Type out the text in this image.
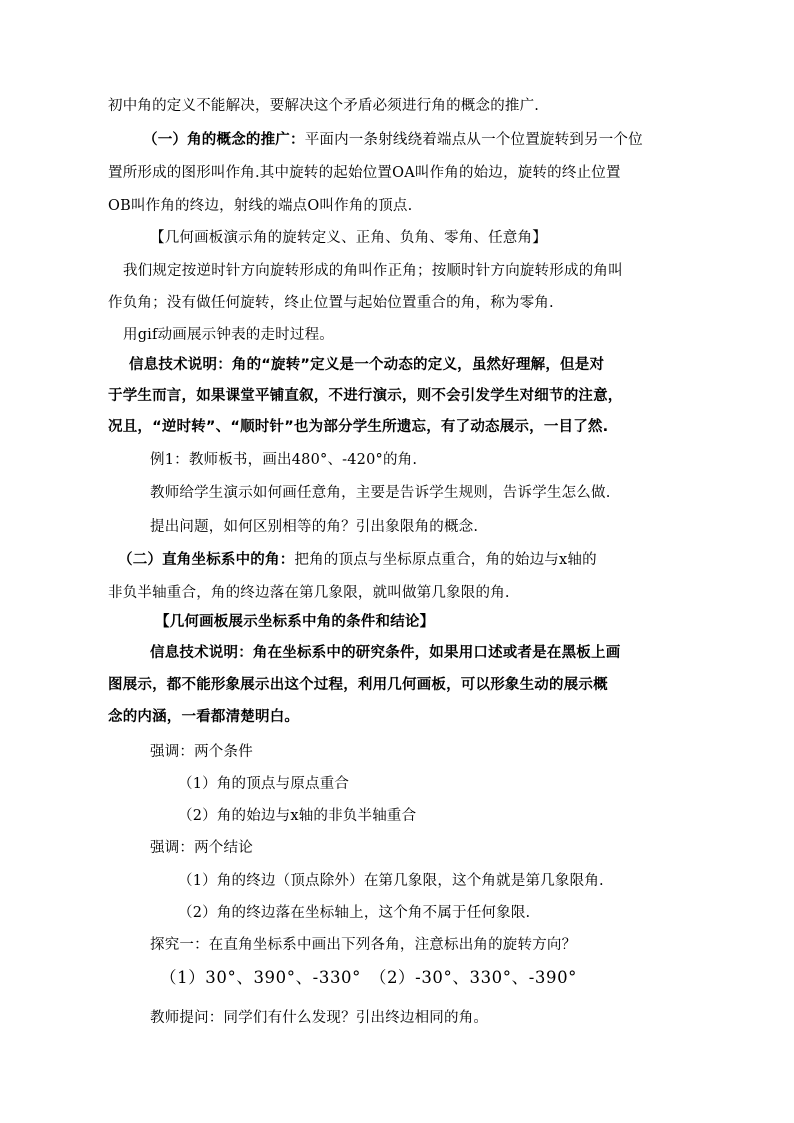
初中角的定义不能解决，要解决这个矛盾必须进行角的概念的推广.
（一）角的概念的推广：平面内一条射线绕着端点从一个位置旋转到另一个位
置所形成的图形叫作角.其中旋转的起始位置OA叫作角的始边，旋转的终止位置
OB叫作角的终边，射线的端点O叫作角的顶点.
【几何画板演示角的旋转定义、正角、负角、零角、任意角】
我们规定按逆时针方向旋转形成的角叫作正角；按顺时针方向旋转形成的角叫
作负角；没有做任何旋转，终止位置与起始位置重合的角，称为零角.
用gif动画展示钟表的走时过程。
信息技术说明：角的“旋转”定义是一个动态的定义，虽然好理解，但是对
于学生而言，如果课堂平铺直叙，不进行演示，则不会引发学生对细节的注意，
况且，“逆时转”、“顺时针”也为部分学生所遗忘，有了动态展示，一目了然.
例1：教师板书，画出480°、-420°的角.
教师给学生演示如何画任意角，主要是告诉学生规则，告诉学生怎么做.
提出问题，如何区别相等的角？引出象限角的概念.
（二）直角坐标系中的角：把角的顶点与坐标原点重合，角的始边与x轴的
非负半轴重合，角的终边落在第几象限，就叫做第几象限的角.
【几何画板展示坐标系中角的条件和结论】
信息技术说明：角在坐标系中的研究条件，如果用口述或者是在黑板上画
图展示，都不能形象展示出这个过程，利用几何画板，可以形象生动的展示概
念的内涵，一看都清楚明白。
强调：两个条件
（1）角的顶点与原点重合
（2）角的始边与x轴的非负半轴重合
强调：两个结论
（1）角的终边（顶点除外）在第几象限，这个角就是第几象限角.
（2）角的终边落在坐标轴上，这个角不属于任何象限.
探究一：在直角坐标系中画出下列各角，注意标出角的旋转方向？
（1）30°、390°、-330°　（2）-30°、330°、-390°
教师提问：同学们有什么发现？引出终边相同的角。
